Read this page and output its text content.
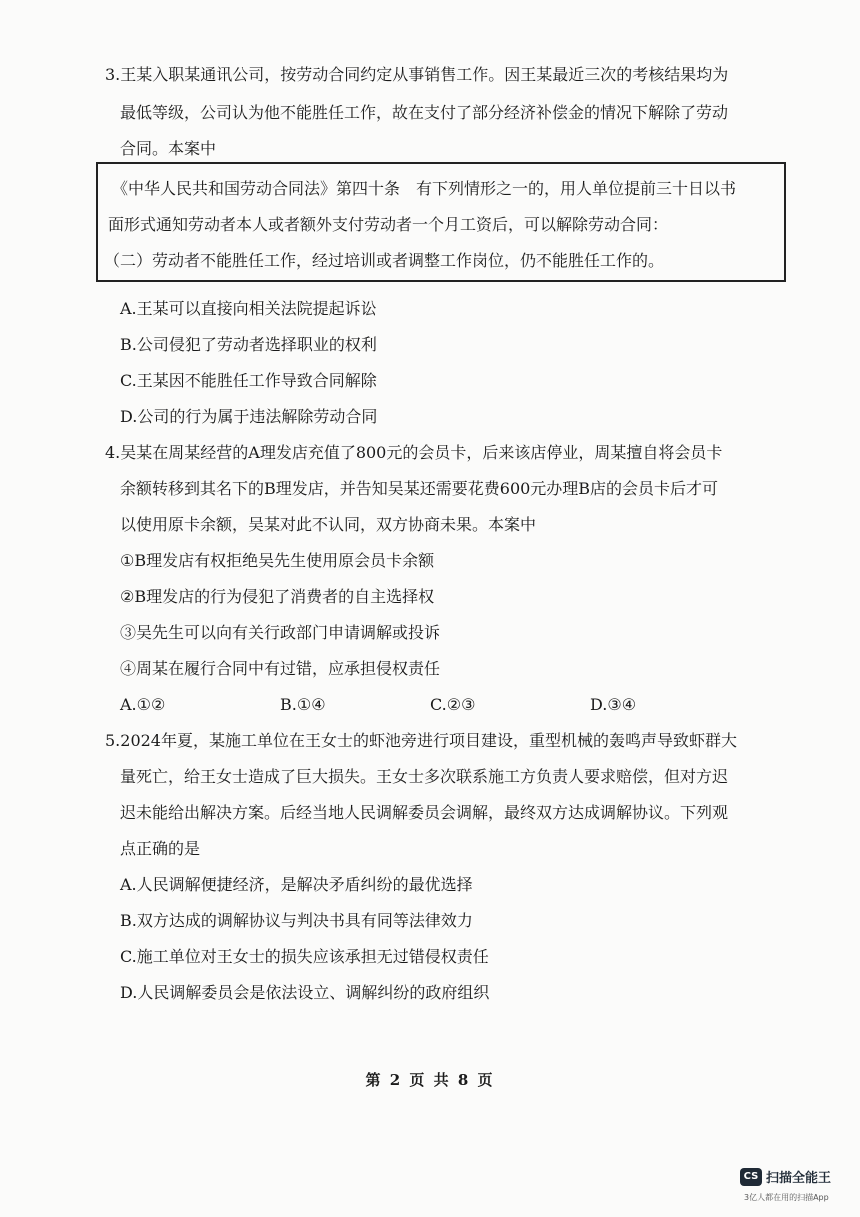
3.王某入职某通讯公司，按劳动合同约定从事销售工作。因王某最近三次的考核结果均为
最低等级，公司认为他不能胜任工作，故在支付了部分经济补偿金的情况下解除了劳动
合同。本案中
《中华人民共和国劳动合同法》第四十条　有下列情形之一的，用人单位提前三十日以书
面形式通知劳动者本人或者额外支付劳动者一个月工资后，可以解除劳动合同：
（二）劳动者不能胜任工作，经过培训或者调整工作岗位，仍不能胜任工作的。
A.王某可以直接向相关法院提起诉讼
B.公司侵犯了劳动者选择职业的权利
C.王某因不能胜任工作导致合同解除
D.公司的行为属于违法解除劳动合同
4.吴某在周某经营的A理发店充值了800元的会员卡，后来该店停业，周某擅自将会员卡
余额转移到其名下的B理发店，并告知吴某还需要花费600元办理B店的会员卡后才可
以使用原卡余额，吴某对此不认同，双方协商未果。本案中
①B理发店有权拒绝吴先生使用原会员卡余额
②B理发店的行为侵犯了消费者的自主选择权
③吴先生可以向有关行政部门申请调解或投诉
④周某在履行合同中有过错，应承担侵权责任
A.①②	B.①④	C.②③	D.③④
5.2024年夏，某施工单位在王女士的虾池旁进行项目建设，重型机械的轰鸣声导致虾群大
量死亡，给王女士造成了巨大损失。王女士多次联系施工方负责人要求赔偿，但对方迟
迟未能给出解决方案。后经当地人民调解委员会调解，最终双方达成调解协议。下列观
点正确的是
A.人民调解便捷经济，是解决矛盾纠纷的最优选择
B.双方达成的调解协议与判决书具有同等法律效力
C.施工单位对王女士的损失应该承担无过错侵权责任
D.人民调解委员会是依法设立、调解纠纷的政府组织
第 2 页 共 8 页
CS 扫描全能王
3亿人都在用的扫描App
